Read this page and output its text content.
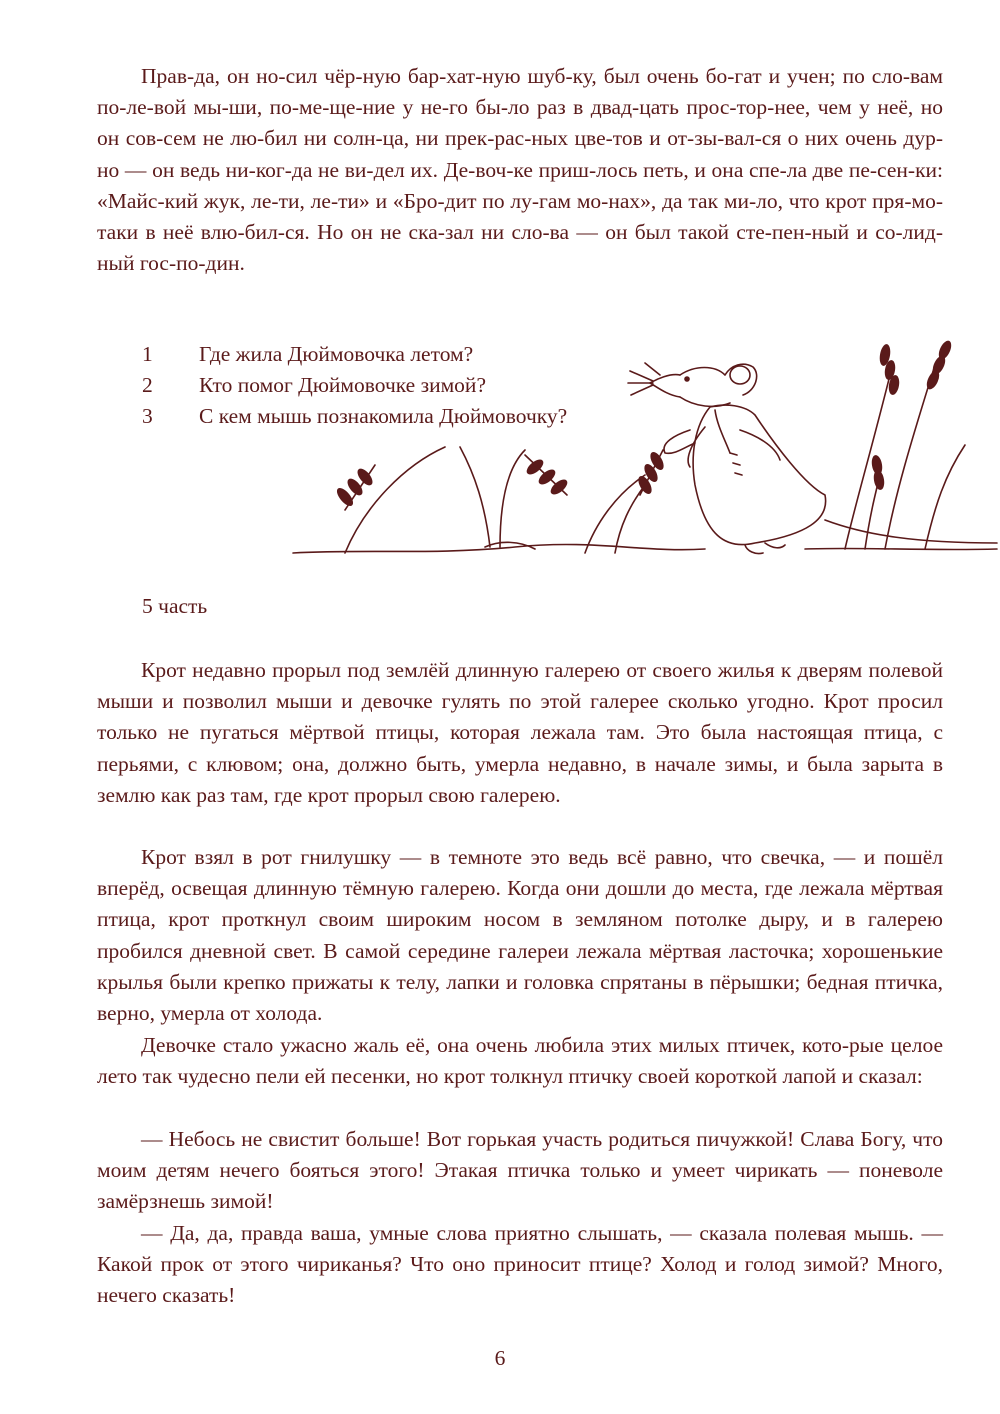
Прав-да, он но-сил чёр-ную бар-хат-ную шуб-ку, был очень бо-гат и учен; по сло-вам по-ле-вой мы-ши, по-ме-ще-ние у не-го бы-ло раз в двад-цать прос-тор-нее, чем у неё, но он сов-сем не лю-бил ни солн-ца, ни прек-рас-ных цве-тов и от-зы-вал-ся о них очень дур-но — он ведь ни-ког-да не ви-дел их. Де-воч-ке приш-лось петь, и она спе-ла две пе-сен-ки: «Майс-кий жук, ле-ти, ле-ти» и «Бро-дит по лу-гам мо-нах», да так ми-ло, что крот пря-мо-таки в неё влю-бил-ся. Но он не ска-зал ни сло-ва — он был такой сте-пен-ный и со-лид-ный гос-по-дин.

1	Где жила Дюймовочка летом?
2	Кто помог Дюймовочке зимой?
3	С кем мышь познакомила Дюймовочку?
5 часть

Крот недавно прорыл под землёй длинную галерею от своего жилья к дверям полевой мыши и позволил мыши и девочке гулять по этой галерее сколько угодно. Крот просил только не пугаться мёртвой птицы, которая лежала там. Это была настоящая птица, с перьями, с клювом; она, должно быть, умерла недавно, в начале зимы, и была зарыта в землю как раз там, где крот прорыл свою галерею.

Крот взял в рот гнилушку — в темноте это ведь всё равно, что свечка, — и пошёл вперёд, освещая длинную тёмную галерею. Когда они дошли до места, где лежала мёртвая птица, крот проткнул своим широким носом в земляном потолке дыру, и в галерею пробился дневной свет. В самой середине галереи лежала мёртвая ласточка; хорошенькие крылья были крепко прижаты к телу, лапки и головка спрятаны в пёрышки; бедная птичка, верно, умерла от холода.

Девочке стало ужасно жаль её, она очень любила этих милых птичек, кото-рые целое лето так чудесно пели ей песенки, но крот толкнул птичку своей короткой лапой и сказал:

— Небось не свистит больше! Вот горькая участь родиться пичужкой! Слава Богу, что моим детям нечего бояться этого! Этакая птичка только и умеет чирикать — поневоле замёрзнешь зимой!

— Да, да, правда ваша, умные слова приятно слышать, — сказала полевая мышь. — Какой прок от этого чириканья? Что оно приносит птице? Холод и голод зимой? Много, нечего сказать!

6
